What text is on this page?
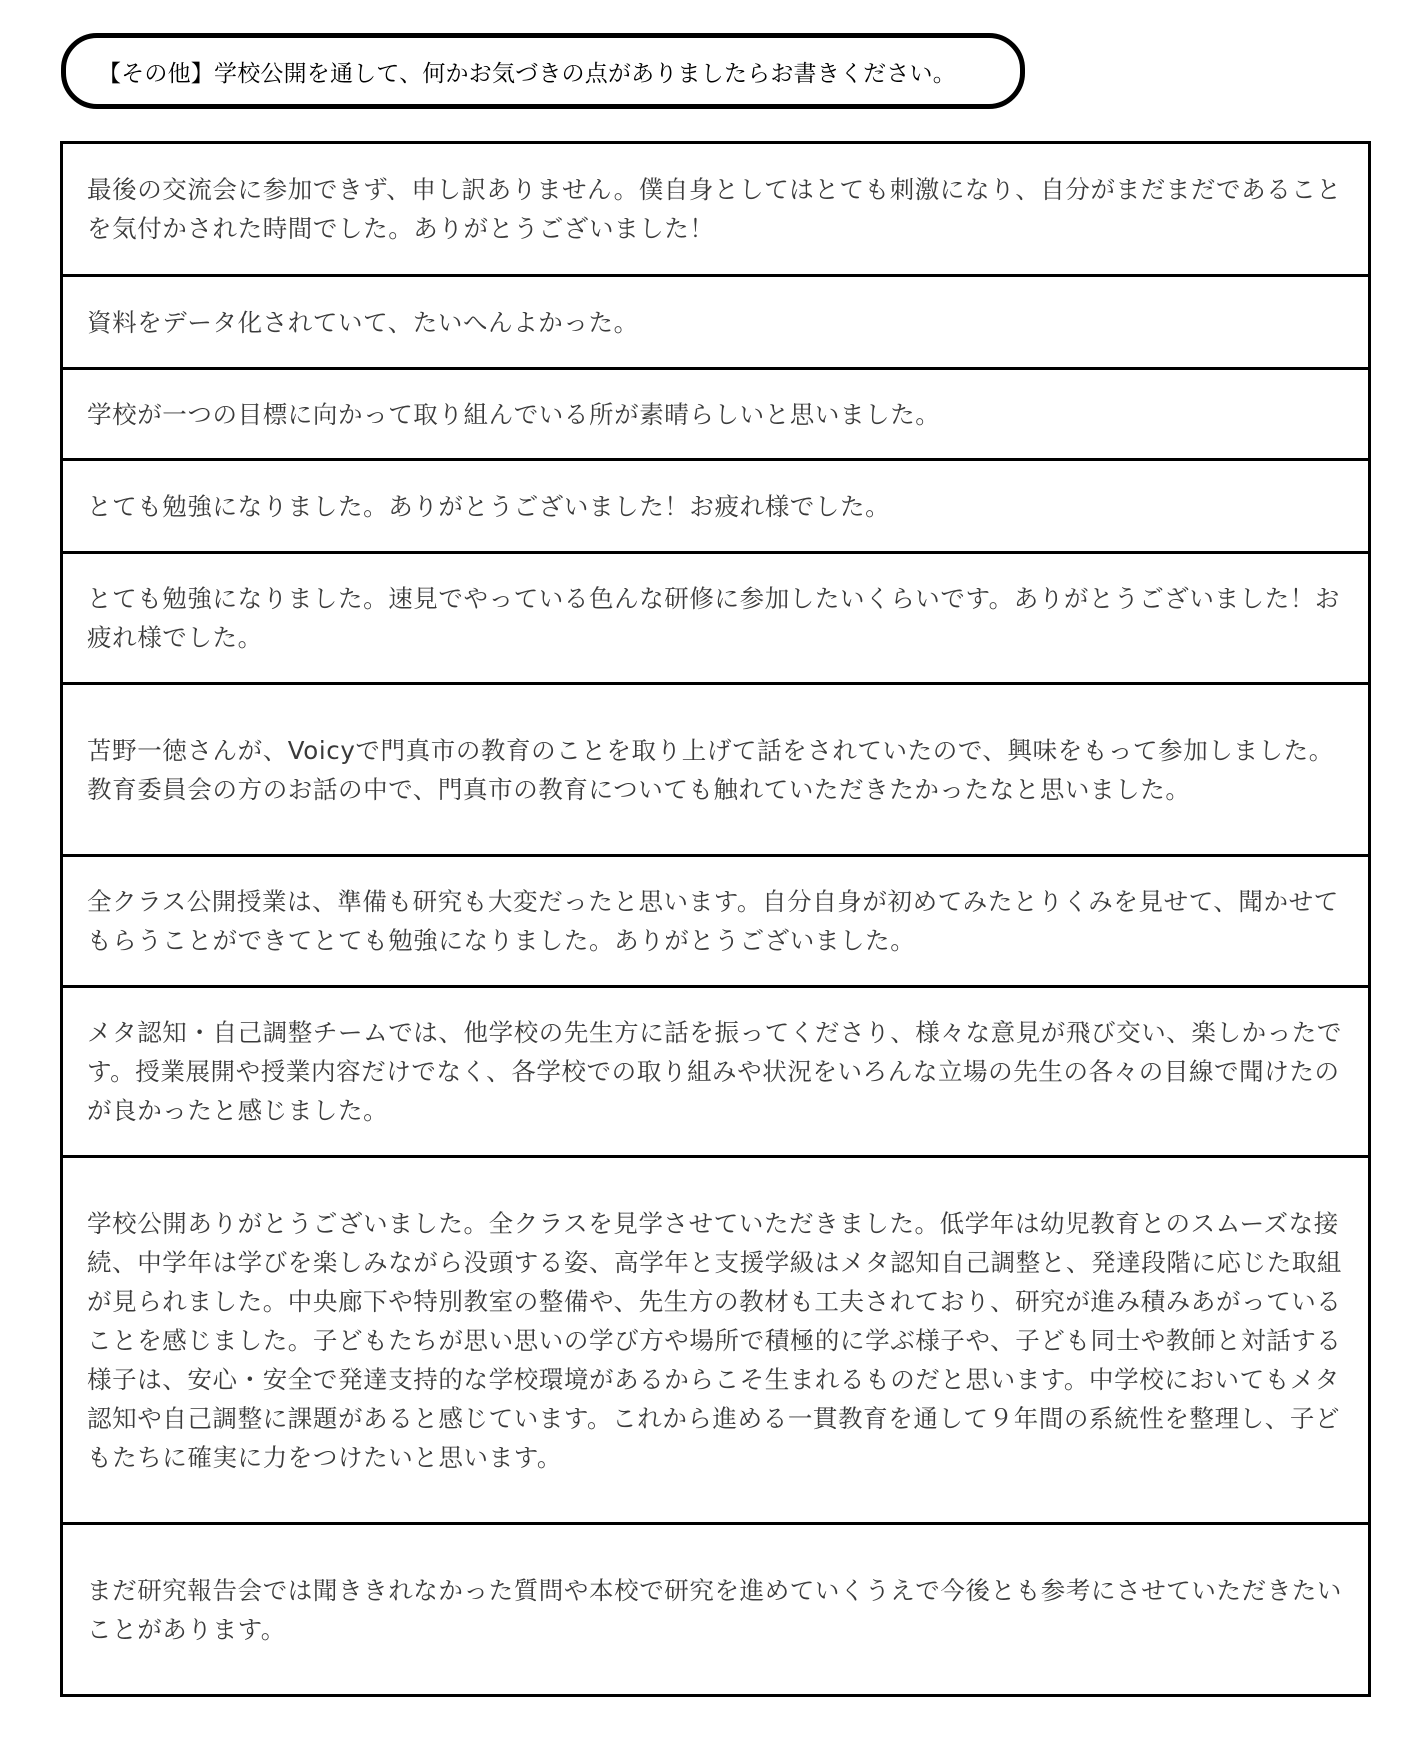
【その他】学校公開を通して、何かお気づきの点がありましたらお書きください。
最後の交流会に参加できず、申し訳ありません。僕自身としてはとても刺激になり、自分がまだまだであることを気付かされた時間でした。ありがとうございました！
資料をデータ化されていて、たいへんよかった。
学校が一つの目標に向かって取り組んでいる所が素晴らしいと思いました。
とても勉強になりました。ありがとうございました！お疲れ様でした。
とても勉強になりました。速見でやっている色んな研修に参加したいくらいです。ありがとうございました！お疲れ様でした。
苫野一徳さんが、Voicyで門真市の教育のことを取り上げて話をされていたので、興味をもって参加しました。教育委員会の方のお話の中で、門真市の教育についても触れていただきたかったなと思いました。
全クラス公開授業は、準備も研究も大変だったと思います。自分自身が初めてみたとりくみを見せて、聞かせてもらうことができてとても勉強になりました。ありがとうございました。
メタ認知・自己調整チームでは、他学校の先生方に話を振ってくださり、様々な意見が飛び交い、楽しかったです。授業展開や授業内容だけでなく、各学校での取り組みや状況をいろんな立場の先生の各々の目線で聞けたのが良かったと感じました。
学校公開ありがとうございました。全クラスを見学させていただきました。低学年は幼児教育とのスムーズな接続、中学年は学びを楽しみながら没頭する姿、高学年と支援学級はメタ認知自己調整と、発達段階に応じた取組が見られました。中央廊下や特別教室の整備や、先生方の教材も工夫されており、研究が進み積みあがっていることを感じました。子どもたちが思い思いの学び方や場所で積極的に学ぶ様子や、子ども同士や教師と対話する様子は、安心・安全で発達支持的な学校環境があるからこそ生まれるものだと思います。中学校においてもメタ認知や自己調整に課題があると感じています。これから進める一貫教育を通して９年間の系統性を整理し、子どもたちに確実に力をつけたいと思います。
まだ研究報告会では聞ききれなかった質問や本校で研究を進めていくうえで今後とも参考にさせていただきたいことがあります。
